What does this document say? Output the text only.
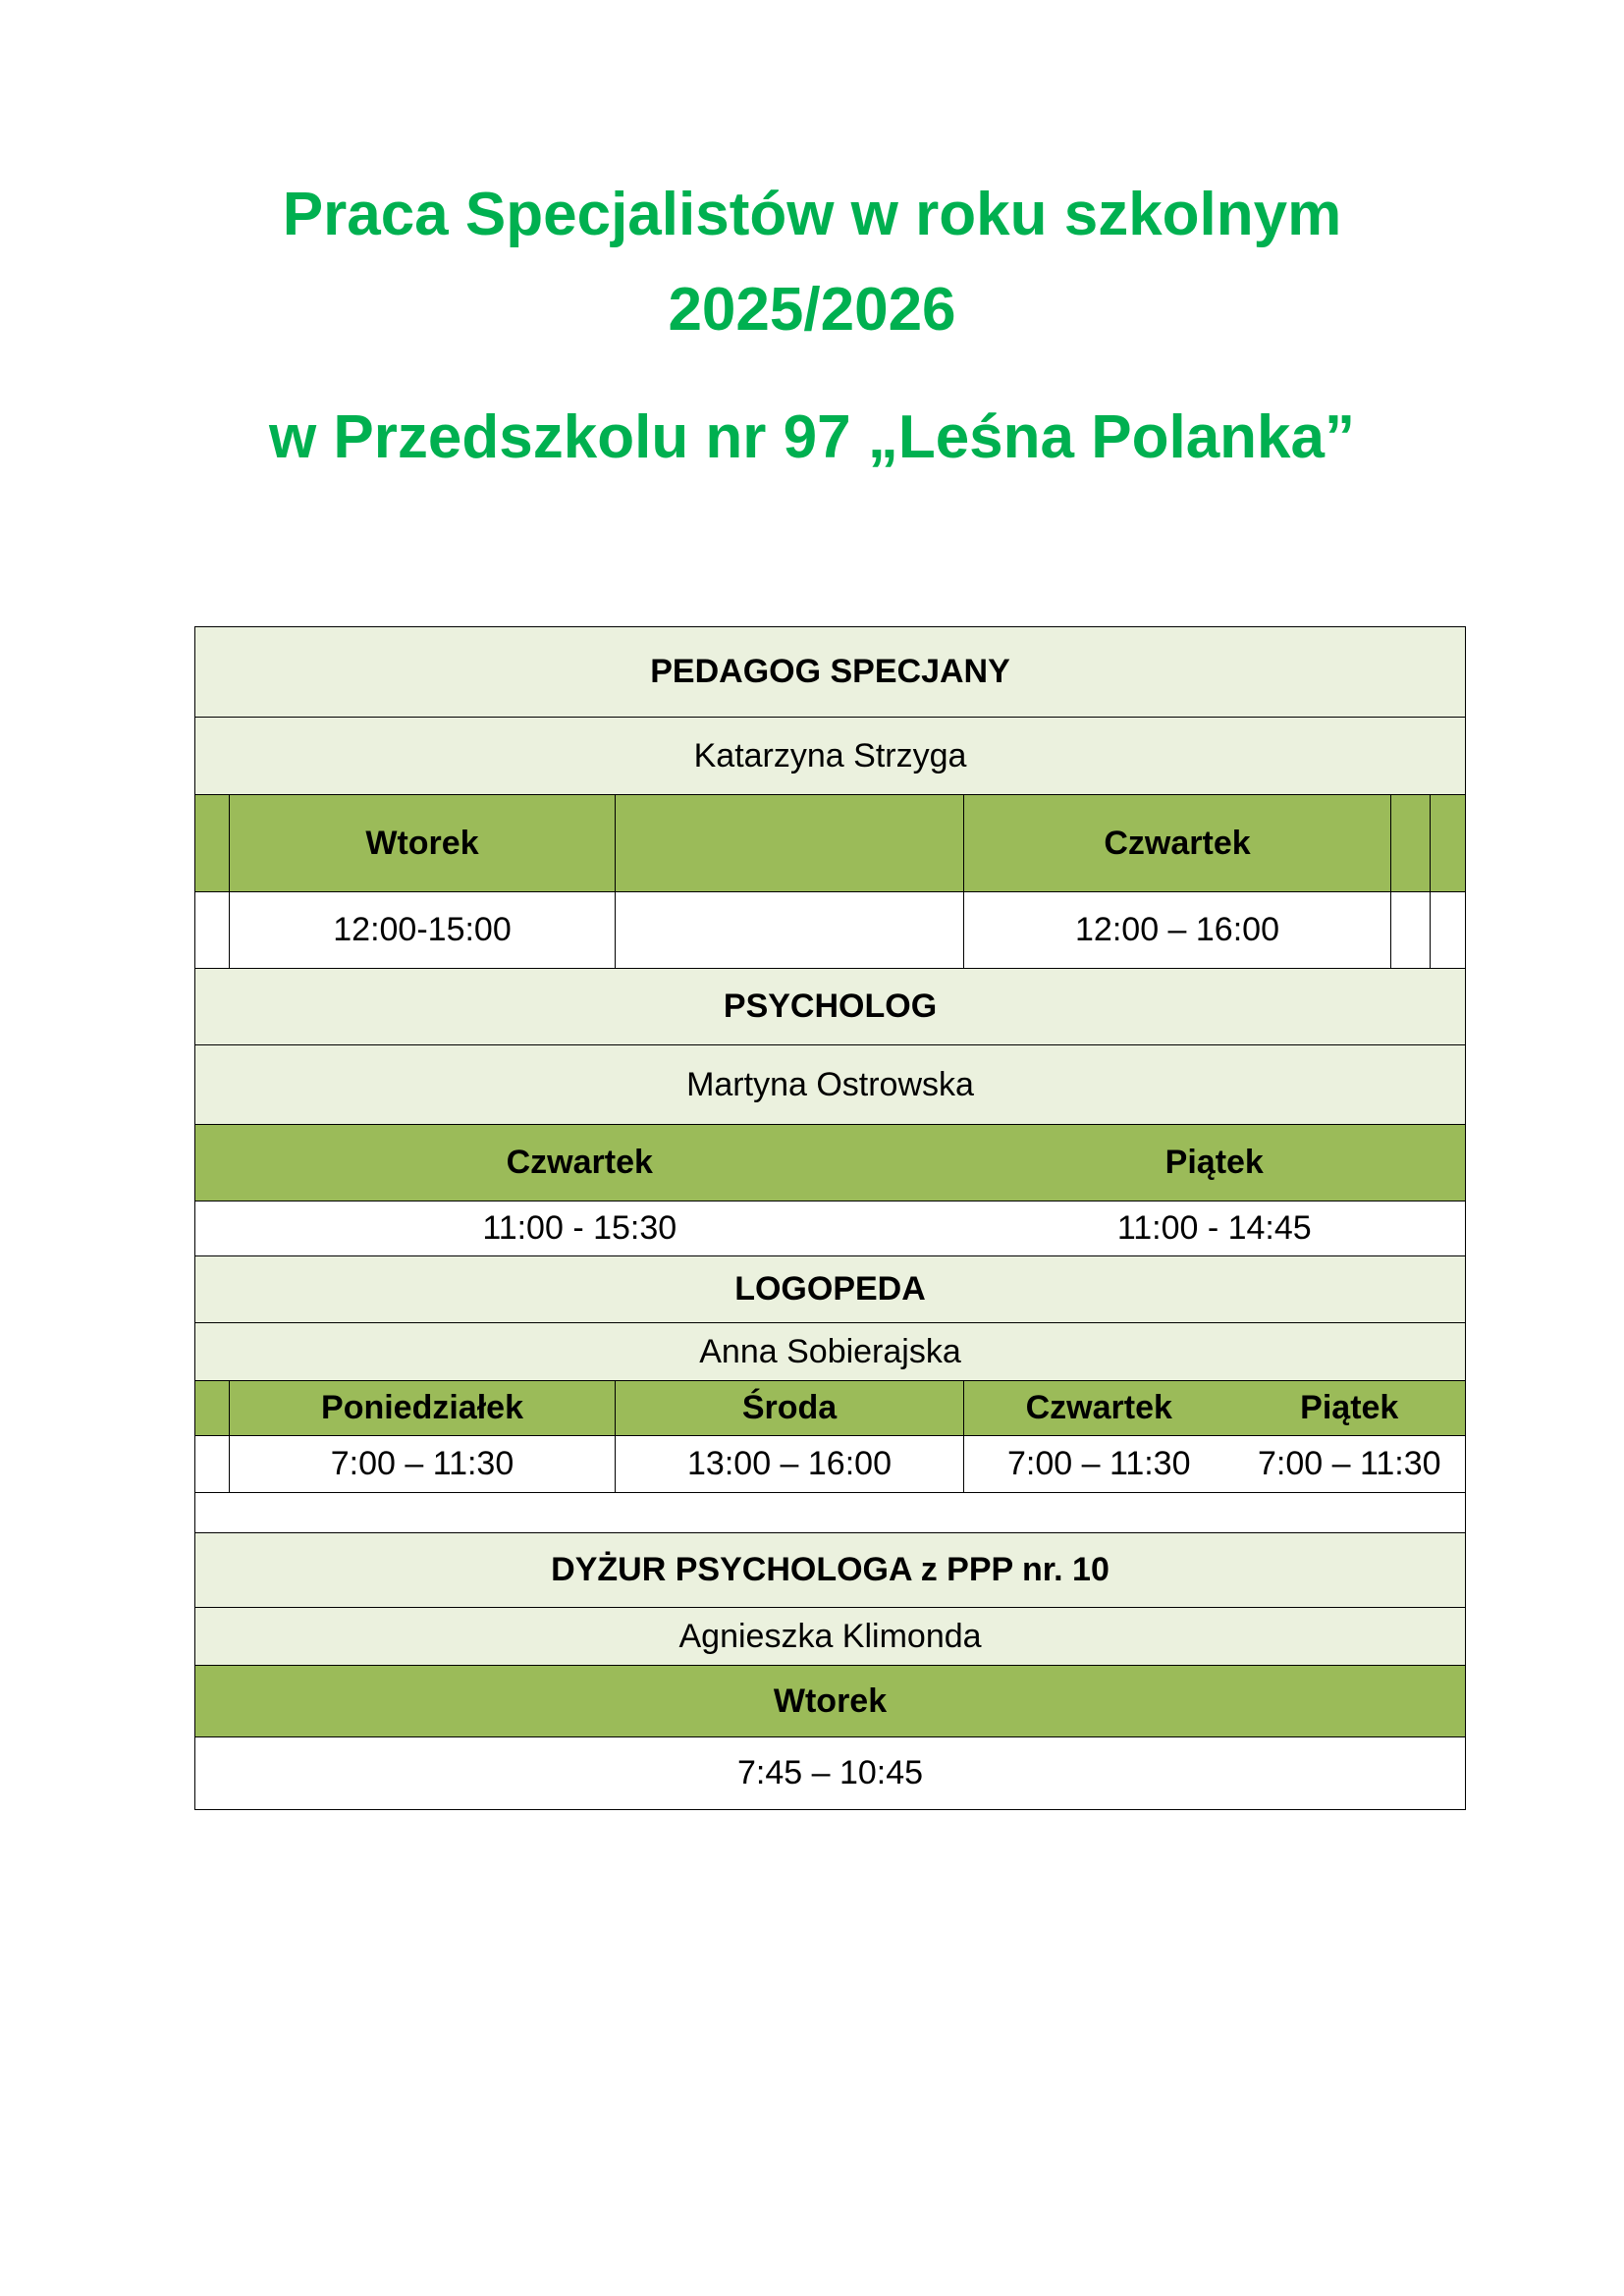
Praca Specjalistów w roku szkolnym
2025/2026
w Przedszkolu nr 97 „Leśna Polanka”
PEDAGOG SPECJANY						
Katarzyna Strzyga						
	Wtorek		Czwartek			
	12:00-15:00		12:00 – 16:00			
PSYCHOLOG						
Martyna Ostrowska						
Czwartek			Piątek			
11:00 - 15:30			11:00 - 14:45			
LOGOPEDA						
Anna Sobierajska						
	Poniedziałek	Środa	Czwartek	Piątek		
	7:00 – 11:30	13:00 – 16:00	7:00 – 11:30	7:00 – 11:30		

DYŻUR PSYCHOLOGA z PPP nr. 10						
Agnieszka Klimonda						
Wtorek						
7:45 – 10:45						
